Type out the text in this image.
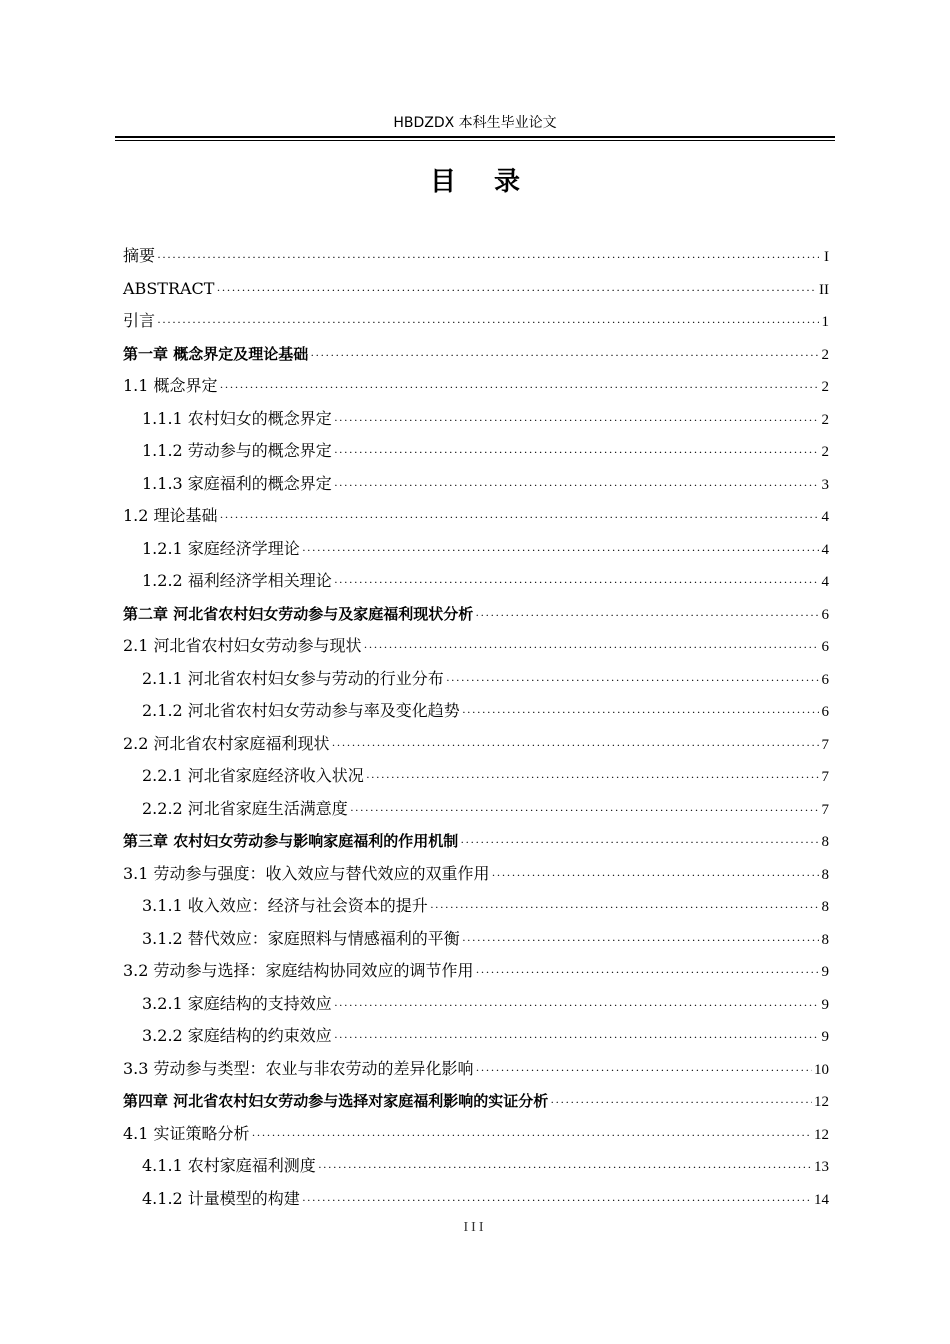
HBDZDX 本科生毕业论文
目录
摘要 ·····	I
ABSTRACT ·····	II
引言 ·····	1
第一章 概念界定及理论基础 ·····	2
1.1 概念界定 ·····	2
1.1.1 农村妇女的概念界定 ·····	2
1.1.2 劳动参与的概念界定 ·····	2
1.1.3 家庭福利的概念界定 ·····	3
1.2 理论基础 ·····	4
1.2.1 家庭经济学理论 ·····	4
1.2.2 福利经济学相关理论 ·····	4
第二章 河北省农村妇女劳动参与及家庭福利现状分析 ·····	6
2.1 河北省农村妇女劳动参与现状 ·····	6
2.1.1 河北省农村妇女参与劳动的行业分布 ·····	6
2.1.2 河北省农村妇女劳动参与率及变化趋势 ·····	6
2.2 河北省农村家庭福利现状 ·····	7
2.2.1 河北省家庭经济收入状况 ·····	7
2.2.2 河北省家庭生活满意度 ·····	7
第三章 农村妇女劳动参与影响家庭福利的作用机制 ·····	8
3.1 劳动参与强度：收入效应与替代效应的双重作用 ·····	8
3.1.1 收入效应：经济与社会资本的提升 ·····	8
3.1.2 替代效应：家庭照料与情感福利的平衡 ·····	8
3.2 劳动参与选择：家庭结构协同效应的调节作用 ·····	9
3.2.1 家庭结构的支持效应 ·····	9
3.2.2 家庭结构的约束效应 ·····	9
3.3 劳动参与类型：农业与非农劳动的差异化影响 ·····	10
第四章 河北省农村妇女劳动参与选择对家庭福利影响的实证分析 ·····	12
4.1 实证策略分析 ·····	12
4.1.1 农村家庭福利测度 ·····	13
4.1.2 计量模型的构建 ·····	14
III
